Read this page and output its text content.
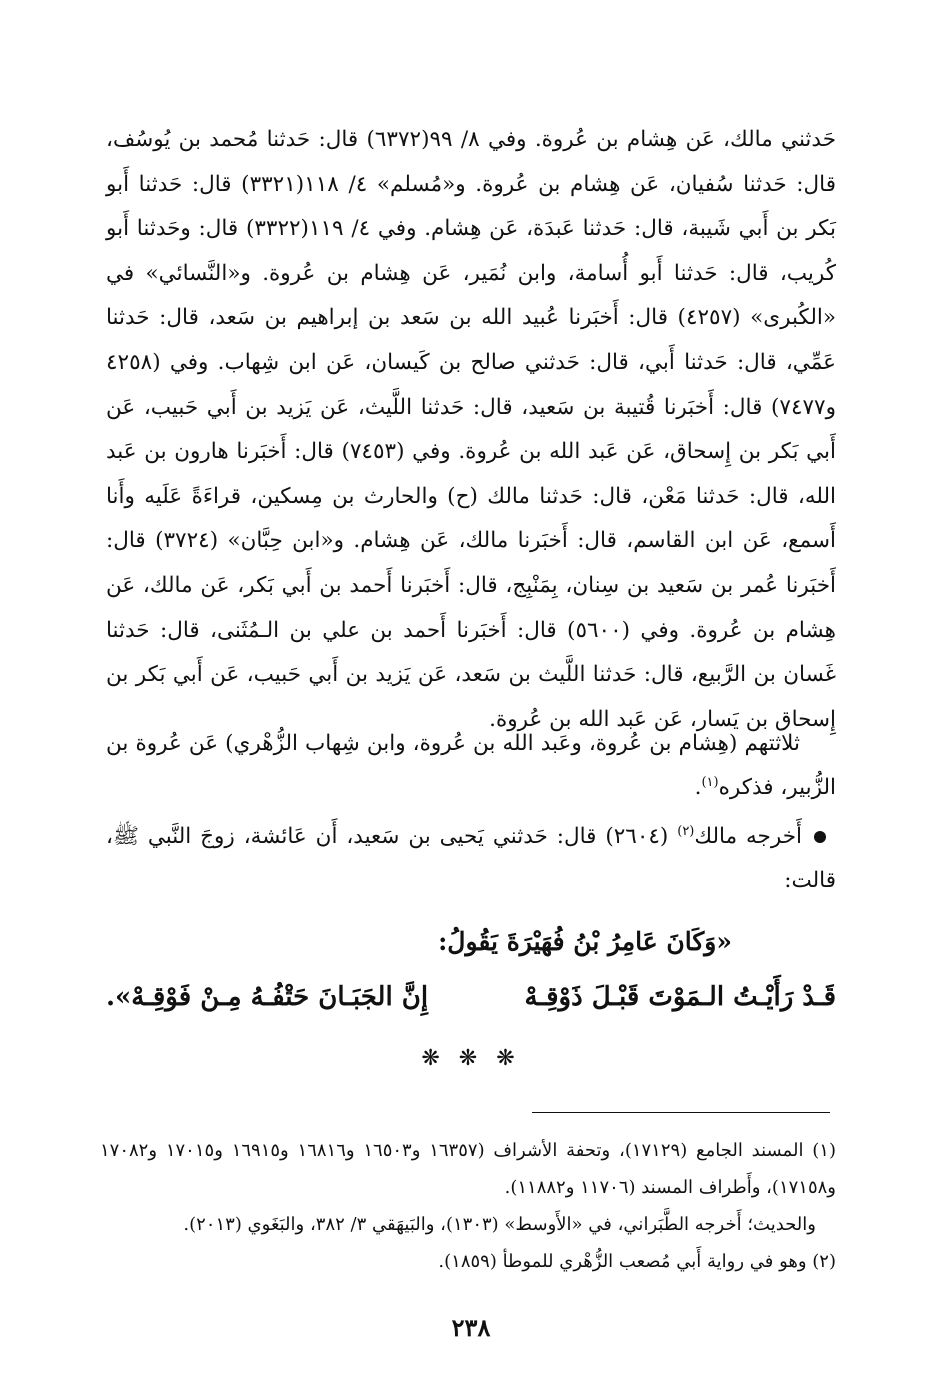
حَدثني مالك، عَن هِشام بن عُروة. وفي ٨/ ٩٩(٦٣٧٢) قال: حَدثنا مُحمد بن يُوسُف، قال: حَدثنا سُفيان، عَن هِشام بن عُروة. و«مُسلم» ٤/ ١١٨(٣٣٢١) قال: حَدثنا أَبو بَكر بن أَبي شَيبة، قال: حَدثنا عَبدَة، عَن هِشام. وفي ٤/ ١١٩(٣٣٢٢) قال: وحَدثنا أَبو كُريب، قال: حَدثنا أَبو أُسامة، وابن نُمَير، عَن هِشام بن عُروة. و«النَّسائي» في «الكُبرى» (٤٢٥٧) قال: أَخبَرنا عُبيد الله بن سَعد بن إبراهيم بن سَعد، قال: حَدثنا عَمِّي، قال: حَدثنا أَبي، قال: حَدثني صالح بن كَيسان، عَن ابن شِهاب. وفي (٤٢٥٨ و٧٤٧٧) قال: أَخبَرنا قُتيبة بن سَعيد، قال: حَدثنا اللَّيث، عَن يَزيد بن أَبي حَبيب، عَن أَبي بَكر بن إِسحاق، عَن عَبد الله بن عُروة. وفي (٧٤٥٣) قال: أَخبَرنا هارون بن عَبد الله، قال: حَدثنا مَعْن، قال: حَدثنا مالك (ح) والحارث بن مِسكين، قراءَةً عَلَيه وأَنا أَسمع، عَن ابن القاسم، قال: أَخبَرنا مالك، عَن هِشام. و«ابن حِبَّان» (٣٧٢٤) قال: أَخبَرنا عُمر بن سَعيد بن سِنان، بِمَنْبِج، قال: أَخبَرنا أَحمد بن أَبي بَكر، عَن مالك، عَن هِشام بن عُروة. وفي (٥٦٠٠) قال: أَخبَرنا أَحمد بن علي بن الـمُثَنى، قال: حَدثنا غَسان بن الرَّبيع، قال: حَدثنا اللَّيث بن سَعد، عَن يَزيد بن أَبي حَبيب، عَن أَبي بَكر بن إِسحاق بن يَسار، عَن عَبد الله بن عُروة.

ثلاثتهم (هِشام بن عُروة، وعَبد الله بن عُروة، وابن شِهاب الزُّهْري) عَن عُروة بن الزُّبير، فذكره$^{(١)}$.

أَخرجه مالك$^{(٢)}$ (٢٦٠٤) قال: حَدثني يَحيى بن سَعيد، أَن عَائشة، زوجَ النَّبي ﷺ، قالت:

«وَكَانَ عَامِرُ بْنُ فُهَيْرَةَ يَقُولُ:
قَـدْ رَأَيْـتُ الـمَوْتَ قَبْـلَ ذَوْقِـهْ
إِنَّ الجَبَـانَ حَتْفُـهُ مِـنْ فَوْقِـهْ».
❋ ❋ ❋

(١) المسند الجامع (١٧١٢٩)، وتحفة الأشراف (١٦٣٥٧ و١٦٥٠٣ و١٦٨١٦ و١٦٩١٥ و١٧٠١٥ و١٧٠٨٢ و١٧١٥٨)، وأَطراف المسند (١١٧٠٦ و١١٨٨٢).

والحديث؛ أَخرجه الطَّبَراني، في «الأَوسط» (١٣٠٣)، والبَيهَقي ٣/ ٣٨٢، والبَغَوي (٢٠١٣).

(٢) وهو في رواية أَبي مُصعب الزُّهْري للموطأ (١٨٥٩).

٢٣٨
